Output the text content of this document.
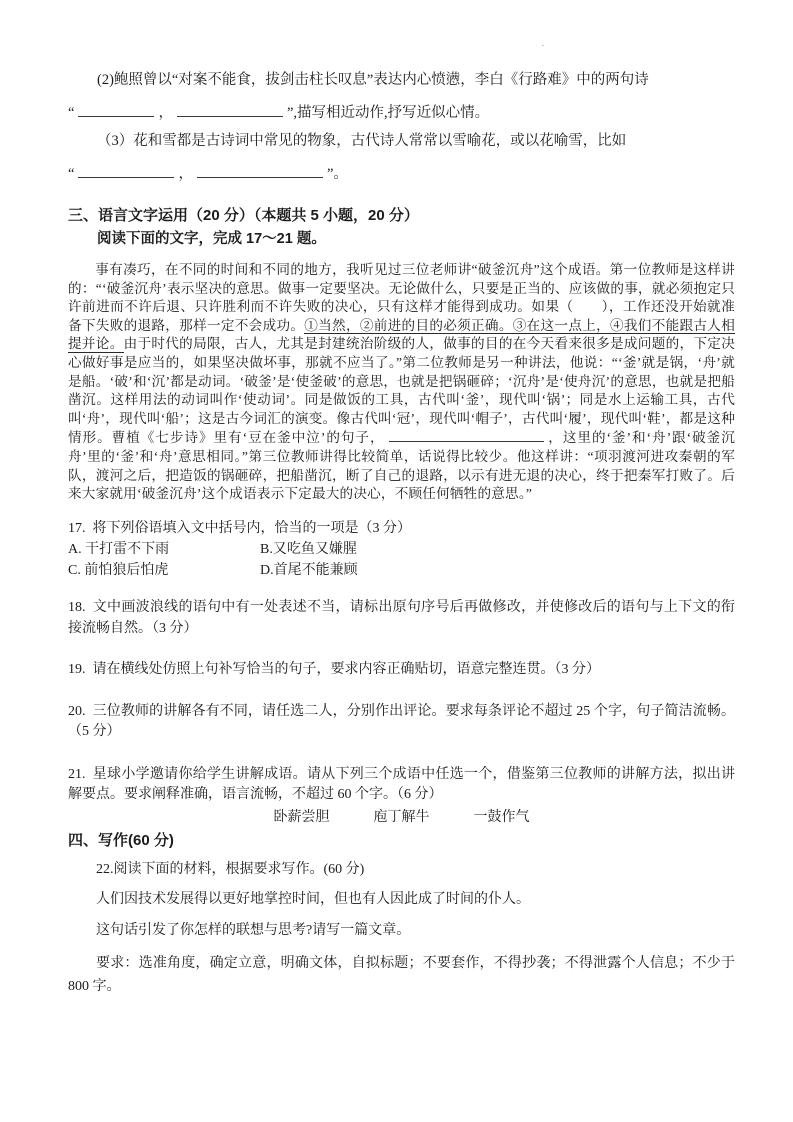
·

(2)鲍照曾以“对案不能食，拔剑击柱长叹息”表达内心愤懑，李白《行路难》中的两句诗

“	，	”,描写相近动作,抒写近似心情。

（3）花和雪都是古诗词中常见的物象，古代诗人常常以雪喻花，或以花喻雪，比如

“	，	”。

三、语言文字运用（20 分）（本题共 5 小题，20 分）

阅读下面的文字，完成 17～21 题。

事有凑巧，在不同的时间和不同的地方，我听见过三位老师讲“破釜沉舟”这个成语。第一位教师是这样讲的：“‘破釜沉舟’表示坚决的意思。做事一定要坚决。无论做什么，只要是正当的、应该做的事，就必须抱定只许前进而不许后退、只许胜利而不许失败的决心，只有这样才能得到成功。如果（　　），工作还没开始就准备下失败的退路，那样一定不会成功。①当然，②前进的目的必须正确。③在这一点上，④我们不能跟古人相提并论。由于时代的局限，古人，尤其是封建统治阶级的人，做事的目的在今天看来很多是成问题的，下定决心做好事是应当的，如果坚决做坏事，那就不应当了。”第二位教师是另一种讲法，他说：“‘釜’就是锅，‘舟’就是船。‘破’和‘沉’都是动词。‘破釜’是‘使釜破’的意思，也就是把锅砸碎；‘沉舟’是‘使舟沉’的意思，也就是把船凿沉。这样用法的动词叫作‘使动词’。同是做饭的工具，古代叫‘釜’，现代叫‘锅’；同是水上运输工具，古代叫‘舟’，现代叫‘船’；这是古今词汇的演变。像古代叫‘冠’，现代叫‘帽子’，古代叫‘履’，现代叫‘鞋’，都是这种情形。曹植《七步诗》里有‘豆在釜中泣’的句子，	，这里的‘釜’和‘舟’跟‘破釜沉舟’里的‘釜’和‘舟’意思相同。”第三位教师讲得比较简单，话说得比较少。他这样讲：“项羽渡河进攻秦朝的军队，渡河之后，把造饭的锅砸碎，把船凿沉，断了自己的退路，以示有进无退的决心，终于把秦军打败了。后来大家就用‘破釜沉舟’这个成语表示下定最大的决心，不顾任何牺牲的意思。”

17. 将下列俗语填入文中括号内，恰当的一项是（3 分）

A. 干打雷不下雨	B.又吃鱼又嫌腥
C. 前怕狼后怕虎	D.首尾不能兼顾

18. 文中画波浪线的语句中有一处表述不当，请标出原句序号后再做修改，并使修改后的语句与上下文的衔接流畅自然。（3 分）

19. 请在横线处仿照上句补写恰当的句子，要求内容正确贴切，语意完整连贯。（3 分）

20. 三位教师的讲解各有不同，请任选二人，分别作出评论。要求每条评论不超过 25 个字，句子简洁流畅。（5 分）

21. 星球小学邀请你给学生讲解成语。请从下列三个成语中任选一个，借鉴第三位教师的讲解方法，拟出讲解要点。要求阐释准确，语言流畅，不超过 60 个字。（6 分）

卧薪尝胆	庖丁解牛	一鼓作气

四、写作(60 分)

22.阅读下面的材料，根据要求写作。(60 分)

人们因技术发展得以更好地掌控时间，但也有人因此成了时间的仆人。

这句话引发了你怎样的联想与思考?请写一篇文章。

要求：选准角度，确定立意，明确文体，自拟标题；不要套作，不得抄袭；不得泄露个人信息；不少于 800 字。
